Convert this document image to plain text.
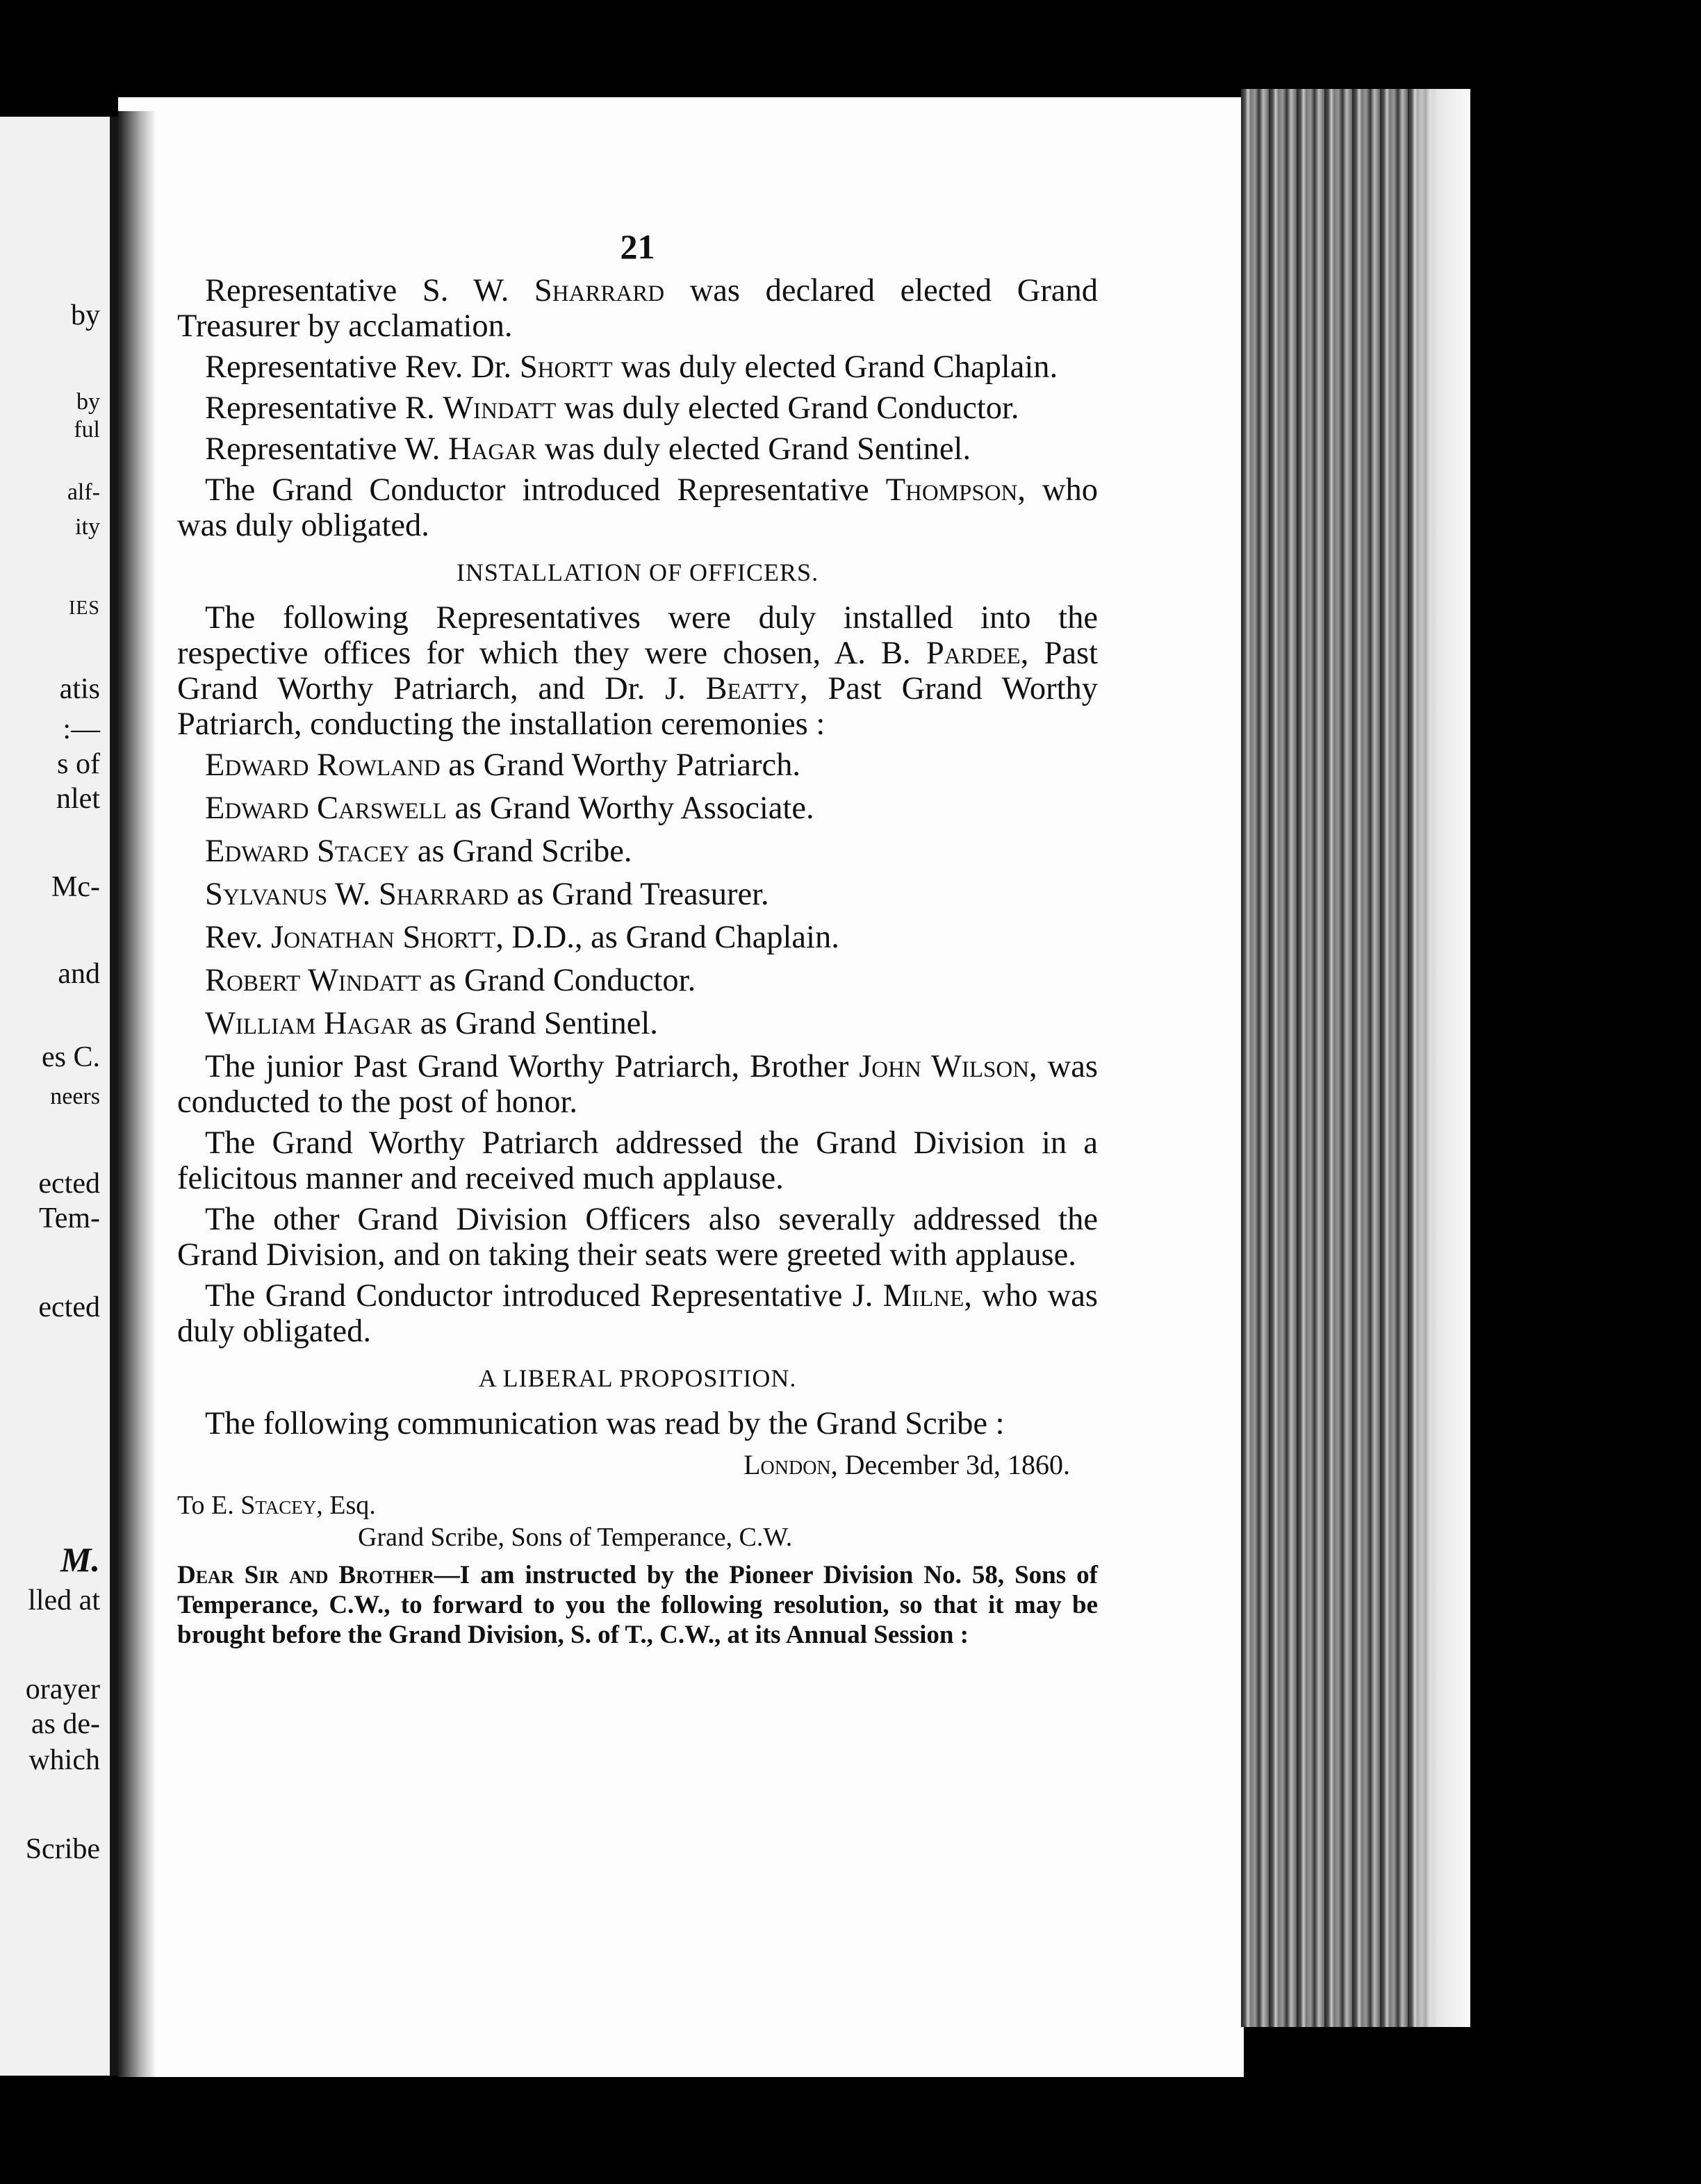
by
by
ful
alf-
ity
IES
atis
:—
s of
nlet
Mc-
and
es C.
neers
ected
Tem-
ected
M.
lled at
orayer
as de-
which
Scribe
21

Representative S. W. Sharrard was declared elected Grand Treasurer by acclamation.

Representative Rev. Dr. Shortt was duly elected Grand Chaplain.

Representative R. Windatt was duly elected Grand Conductor.

Representative W. Hagar was duly elected Grand Sentinel.

The Grand Conductor introduced Representative Thompson, who was duly obligated.

INSTALLATION OF OFFICERS.

The following Representatives were duly installed into the respective offices for which they were chosen, A. B. Pardee, Past Grand Worthy Patriarch, and Dr. J. Beatty, Past Grand Worthy Patriarch, conducting the installation ceremonies :

Edward Rowland as Grand Worthy Patriarch.
Edward Carswell as Grand Worthy Associate.
Edward Stacey as Grand Scribe.
Sylvanus W. Sharrard as Grand Treasurer.
Rev. Jonathan Shortt, D.D., as Grand Chaplain.
Robert Windatt as Grand Conductor.
William Hagar as Grand Sentinel.

The junior Past Grand Worthy Patriarch, Brother John Wilson, was conducted to the post of honor.

The Grand Worthy Patriarch addressed the Grand Division in a felicitous manner and received much applause.

The other Grand Division Officers also severally addressed the Grand Division, and on taking their seats were greeted with applause.

The Grand Conductor introduced Representative J. Milne, who was duly obligated.

A LIBERAL PROPOSITION.

The following communication was read by the Grand Scribe :

London, December 3d, 1860.
To E. Stacey, Esq.
Grand Scribe, Sons of Temperance, C.W.
Dear Sir and Brother—I am instructed by the Pioneer Division No. 58, Sons of Temperance, C.W., to forward to you the following resolution, so that it may be brought before the Grand Division, S. of T., C.W., at its Annual Session :
